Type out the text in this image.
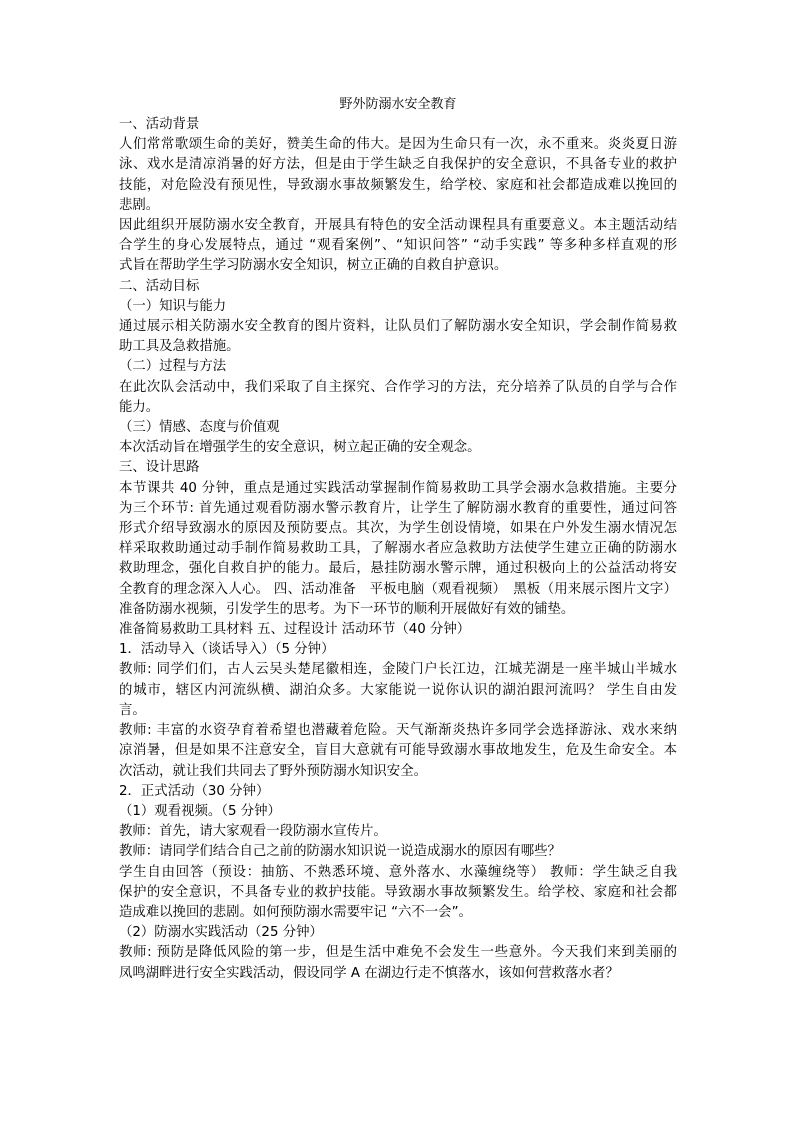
野外防溺水安全教育

一、活动背景

人们常常歌颂生命的美好，赞美生命的伟大。是因为生命只有一次，永不重来。炎炎夏日游

泳、戏水是清凉消暑的好方法，但是由于学生缺乏自我保护的安全意识，不具备专业的救护

技能，对危险没有预见性，导致溺水事故频繁发生，给学校、家庭和社会都造成难以挽回的

悲剧。

因此组织开展防溺水安全教育，开展具有特色的安全活动课程具有重要意义。本主题活动结

合学生的身心发展特点，通过 “观看案例”、“知识问答” “动手实践” 等多种多样直观的形

式旨在帮助学生学习防溺水安全知识，树立正确的自救自护意识。

二、活动目标

（一）知识与能力

通过展示相关防溺水安全教育的图片资料，让队员们了解防溺水安全知识，学会制作简易救

助工具及急救措施。

（二）过程与方法

在此次队会活动中，我们采取了自主探究、合作学习的方法，充分培养了队员的自学与合作

能力。

（三）情感、态度与价值观

本次活动旨在增强学生的安全意识，树立起正确的安全观念。

三、设计思路

本节课共 40 分钟，重点是通过实践活动掌握制作简易救助工具学会溺水急救措施。主要分

为三个环节: 首先通过观看防溺水警示教育片，让学生了解防溺水教育的重要性，通过问答

形式介绍导致溺水的原因及预防要点。其次，为学生创设情境，如果在户外发生溺水情况怎

样采取救助通过动手制作简易救助工具，了解溺水者应急救助方法使学生建立正确的防溺水

救助理念，强化自救自护的能力。最后，悬挂防溺水警示牌，通过积极向上的公益活动将安

全教育的理念深入人心。 四、活动准备　平板电脑（观看视频）　黑板（用来展示图片文字）

准备防溺水视频，引发学生的思考。为下一环节的顺利开展做好有效的铺垫。

准备简易救助工具材料 五、过程设计 活动环节（40 分钟）

1．活动导入（谈话导入）（5 分钟）

教师: 同学们们，古人云吴头楚尾徽相连，金陵门户长江边，江城芜湖是一座半城山半城水

的城市，辖区内河流纵横、湖泊众多。大家能说一说你认识的湖泊跟河流吗？ 学生自由发

言。

教师: 丰富的水资孕育着希望也潜藏着危险。天气渐渐炎热许多同学会选择游泳、戏水来纳

凉消暑，但是如果不注意安全，盲目大意就有可能导致溺水事故地发生，危及生命安全。本

次活动，就让我们共同去了野外预防溺水知识安全。

2．正式活动（30 分钟）

（1）观看视频。（5 分钟）

教师：首先，请大家观看一段防溺水宣传片。

教师：请同学们结合自己之前的防溺水知识说一说造成溺水的原因有哪些？

学生自由回答（预设：抽筋、不熟悉环境、意外落水、水藻缠绕等） 教师：学生缺乏自我

保护的安全意识，不具备专业的救护技能。导致溺水事故频繁发生。给学校、家庭和社会都

造成难以挽回的悲剧。如何预防溺水需要牢记 “六不一会”。

（2）防溺水实践活动（25 分钟）

教师: 预防是降低风险的第一步，但是生活中难免不会发生一些意外。今天我们来到美丽的

凤鸣湖畔进行安全实践活动，假设同学 A 在湖边行走不慎落水，该如何营救落水者？
